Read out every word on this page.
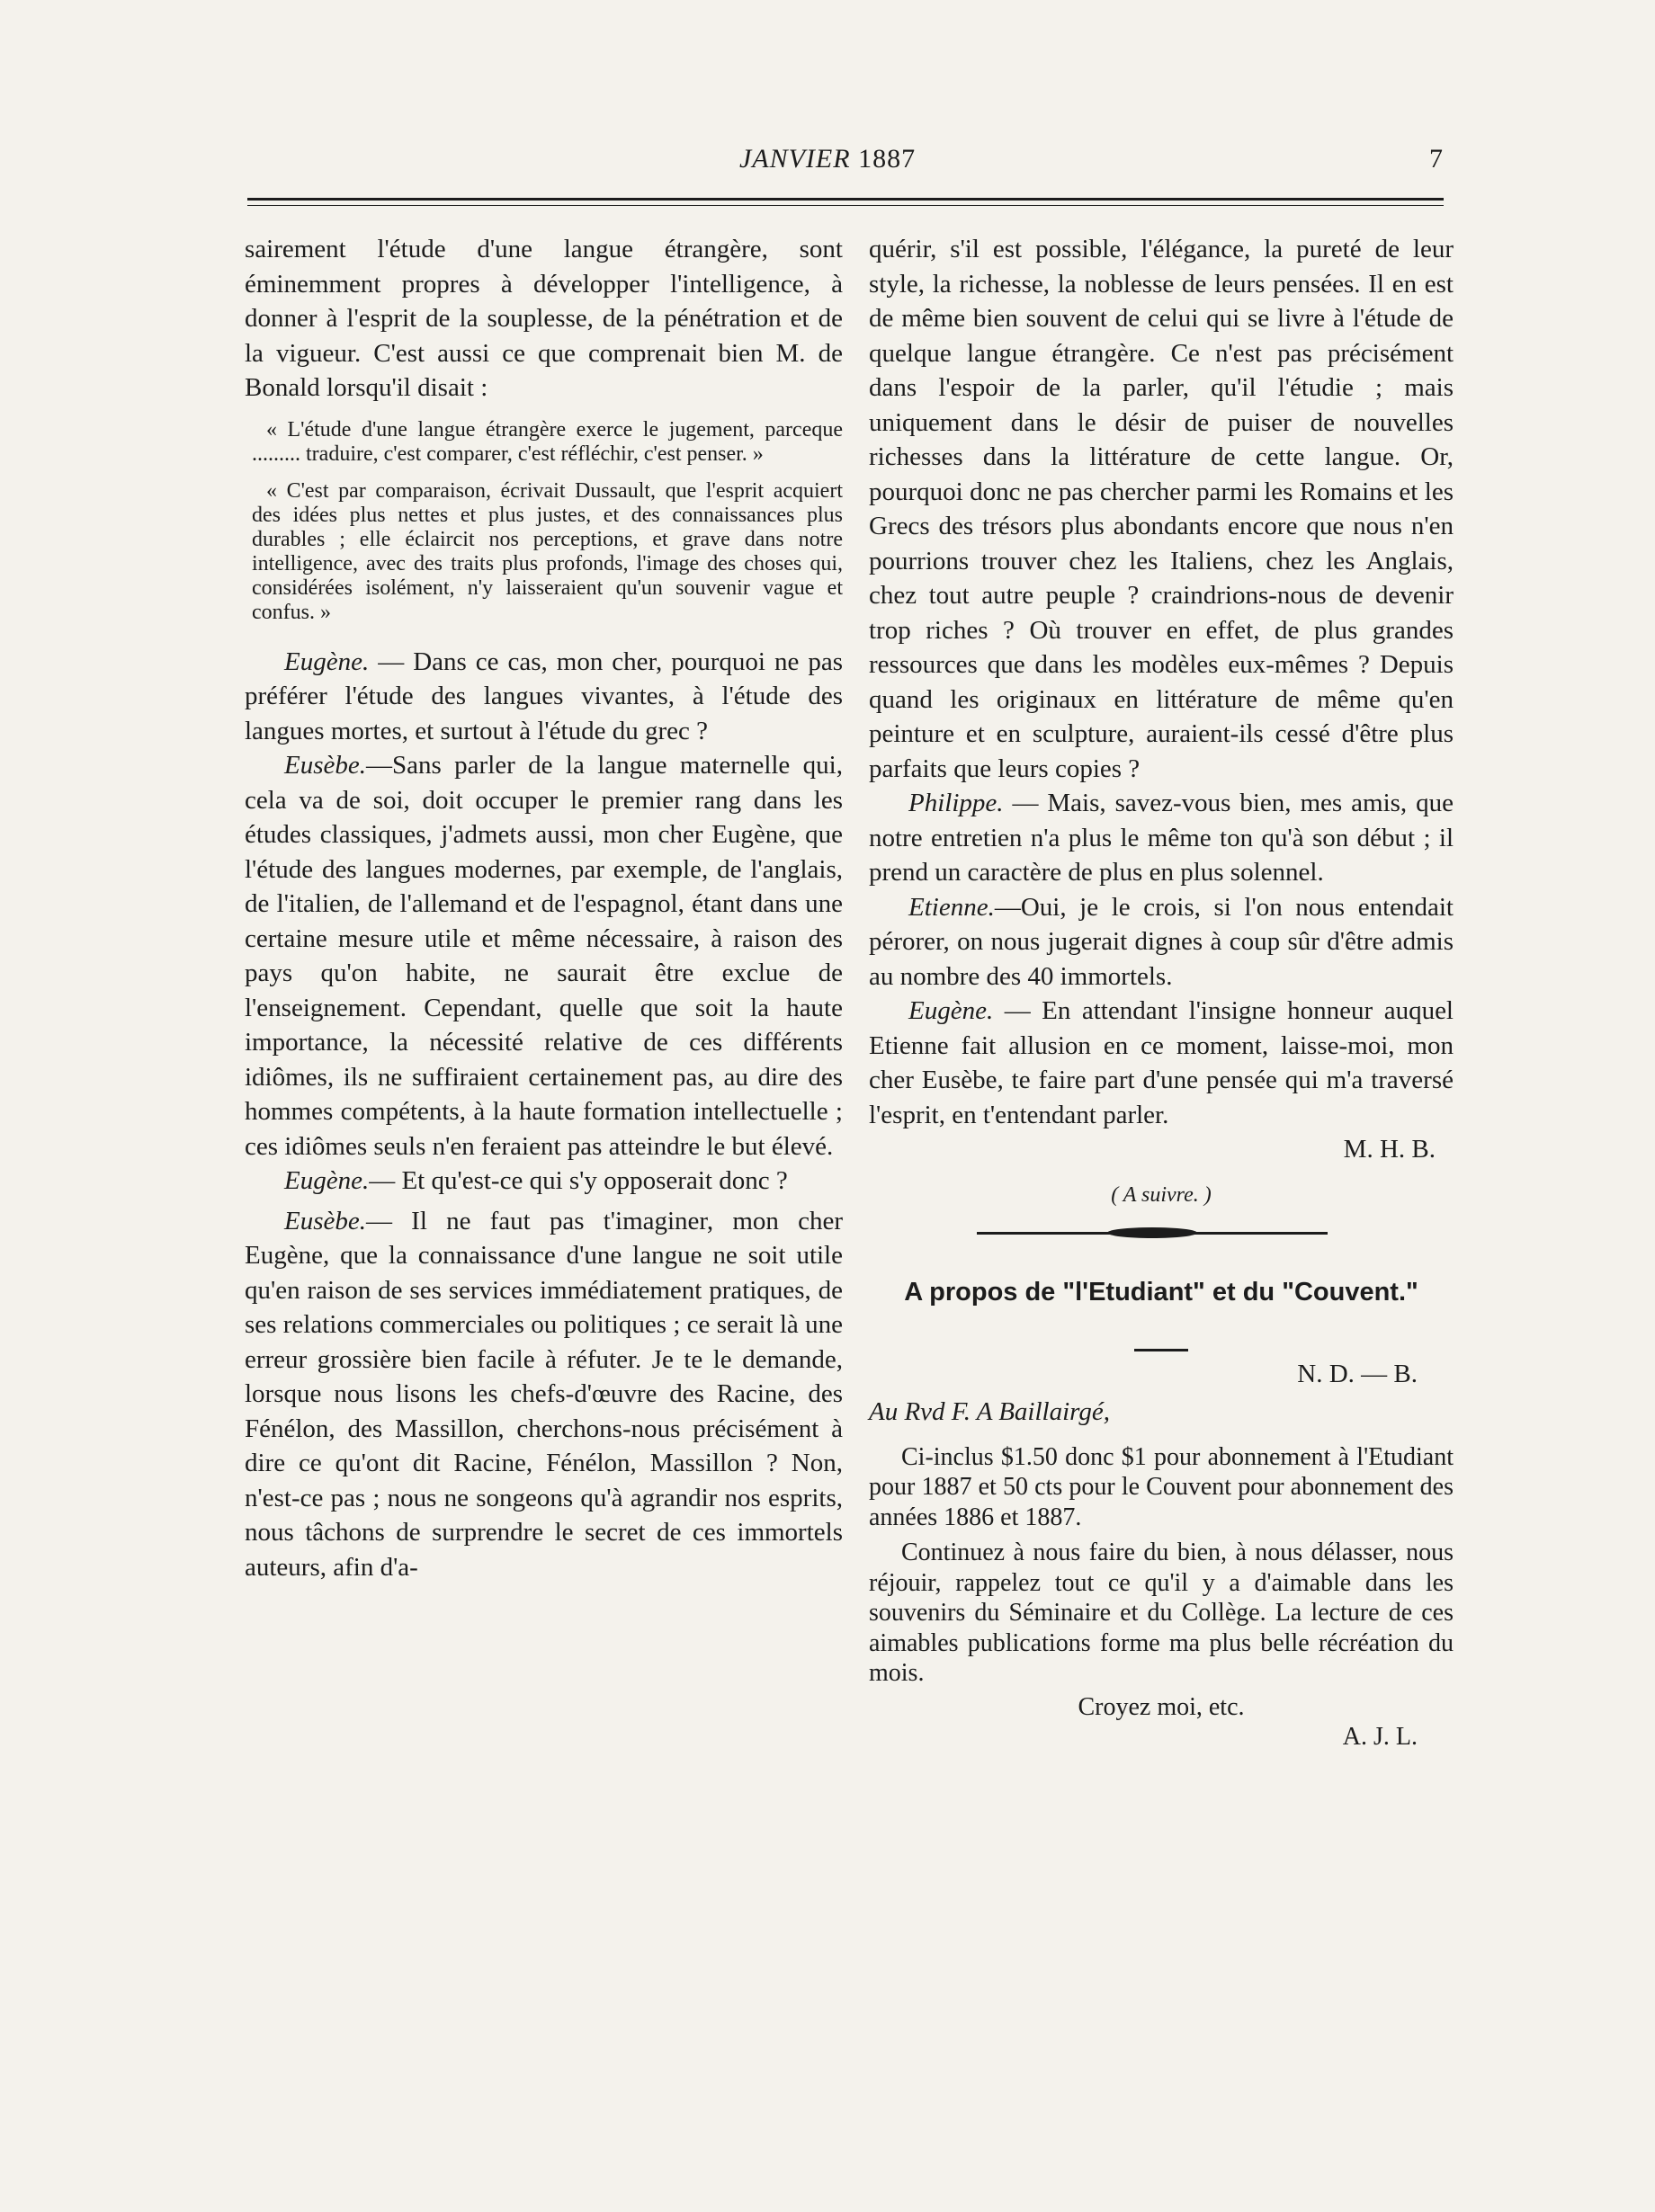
JANVIER 1887	7

sairement l'étude d'une langue étrangère, sont éminemment propres à développer l'intelligence, à donner à l'esprit de la souplesse, de la pénétration et de la vigueur. C'est aussi ce que comprenait bien M. de Bonald lorsqu'il disait :

« L'étude d'une langue étrangère exerce le jugement, parceque ......... traduire, c'est comparer, c'est réfléchir, c'est penser. »

« C'est par comparaison, écrivait Dussault, que l'esprit acquiert des idées plus nettes et plus justes, et des connaissances plus durables ; elle éclaircit nos perceptions, et grave dans notre intelligence, avec des traits plus profonds, l'image des choses qui, considérées isolément, n'y laisseraient qu'un souvenir vague et confus. »

Eugène. — Dans ce cas, mon cher, pourquoi ne pas préférer l'étude des langues vivantes, à l'étude des langues mortes, et surtout à l'étude du grec ?

Eusèbe.—Sans parler de la langue maternelle qui, cela va de soi, doit occuper le premier rang dans les études classiques, j'admets aussi, mon cher Eugène, que l'étude des langues modernes, par exemple, de l'anglais, de l'italien, de l'allemand et de l'espagnol, étant dans une certaine mesure utile et même nécessaire, à raison des pays qu'on habite, ne saurait être exclue de l'enseignement. Cependant, quelle que soit la haute importance, la nécessité relative de ces différents idiômes, ils ne suffiraient certainement pas, au dire des hommes compétents, à la haute formation intellectuelle ; ces idiômes seuls n'en feraient pas atteindre le but élevé.

Eugène.— Et qu'est-ce qui s'y opposerait donc ?

Eusèbe.— Il ne faut pas t'imaginer, mon cher Eugène, que la connaissance d'une langue ne soit utile qu'en raison de ses services immédiatement pratiques, de ses relations commerciales ou politiques ; ce serait là une erreur grossière bien facile à réfuter. Je te le demande, lorsque nous lisons les chefs-d'œuvre des Racine, des Fénélon, des Massillon, cherchons-nous précisément à dire ce qu'ont dit Racine, Fénélon, Massillon ? Non, n'est-ce pas ; nous ne songeons qu'à agrandir nos esprits, nous tâchons de surprendre le secret de ces immortels auteurs, afin d'a-

quérir, s'il est possible, l'élégance, la pureté de leur style, la richesse, la noblesse de leurs pensées. Il en est de même bien souvent de celui qui se livre à l'étude de quelque langue étrangère. Ce n'est pas précisément dans l'espoir de la parler, qu'il l'étudie ; mais uniquement dans le désir de puiser de nouvelles richesses dans la littérature de cette langue. Or, pourquoi donc ne pas chercher parmi les Romains et les Grecs des trésors plus abondants encore que nous n'en pourrions trouver chez les Italiens, chez les Anglais, chez tout autre peuple ? craindrions-nous de devenir trop riches ? Où trouver en effet, de plus grandes ressources que dans les modèles eux-mêmes ? Depuis quand les originaux en littérature de même qu'en peinture et en sculpture, auraient-ils cessé d'être plus parfaits que leurs copies ?

Philippe. — Mais, savez-vous bien, mes amis, que notre entretien n'a plus le même ton qu'à son début ; il prend un caractère de plus en plus solennel.

Etienne.—Oui, je le crois, si l'on nous entendait pérorer, on nous jugerait dignes à coup sûr d'être admis au nombre des 40 immortels.

Eugène. — En attendant l'insigne honneur auquel Etienne fait allusion en ce moment, laisse-moi, mon cher Eusèbe, te faire part d'une pensée qui m'a traversé l'esprit, en t'entendant parler.

M. H. B.

( A suivre. )
A propos de "l'Etudiant" et du "Couvent."

N. D. — B.

Au Rvd F. A Baillairgé,

Ci-inclus $1.50 donc $1 pour abonnement à l'Etudiant pour 1887 et 50 cts pour le Couvent pour abonnement des années 1886 et 1887.

Continuez à nous faire du bien, à nous délasser, nous réjouir, rappelez tout ce qu'il y a d'aimable dans les souvenirs du Séminaire et du Collège. La lecture de ces aimables publications forme ma plus belle récréation du mois.

Croyez moi, etc.

A. J. L.
